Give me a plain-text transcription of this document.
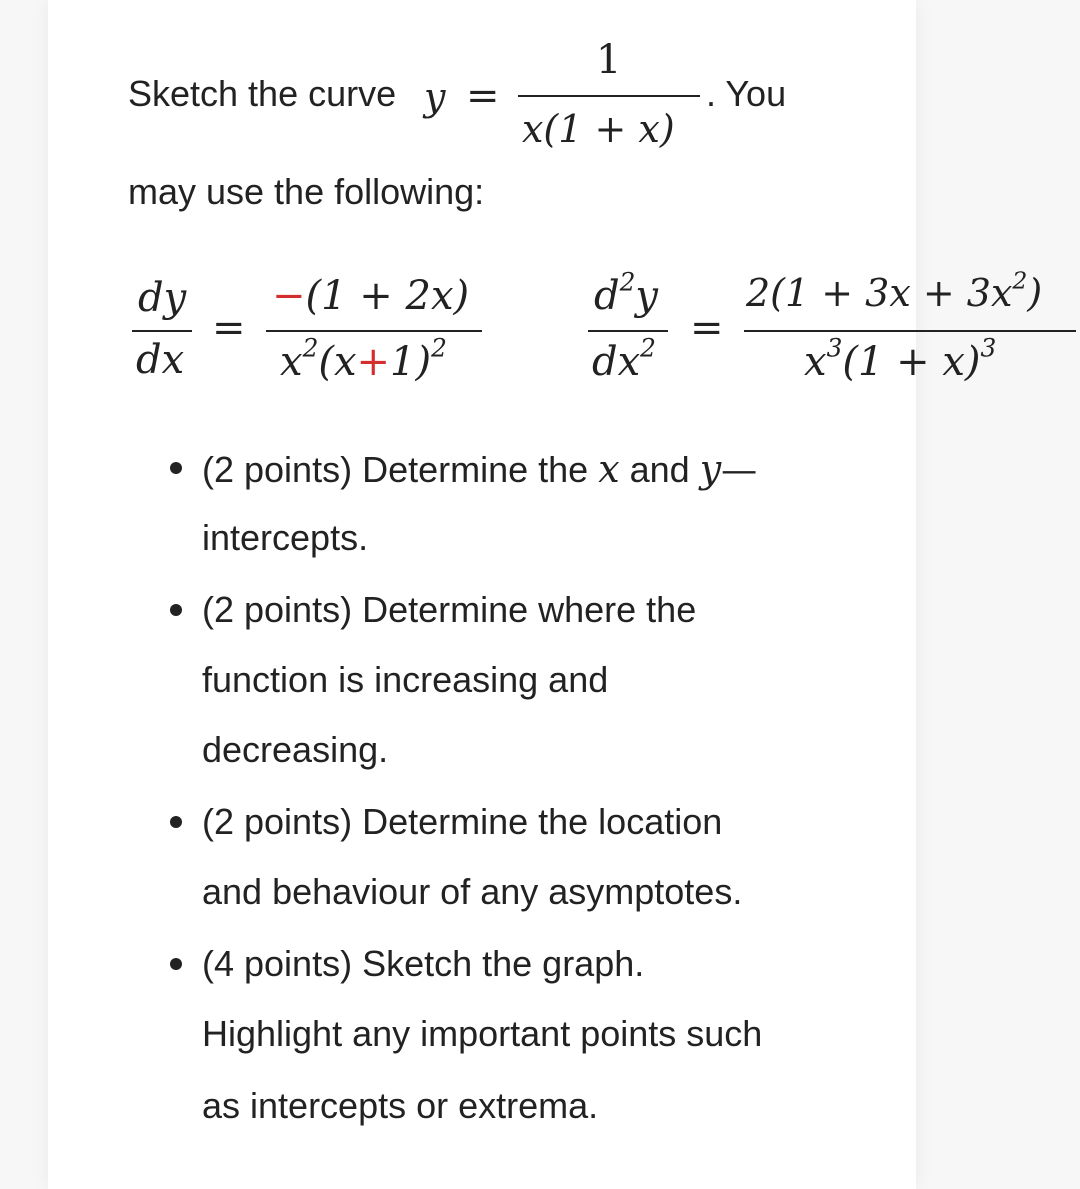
Sketch the curve y =
1
x(1 + x)
. You
may use the following:
dy
dx
=
−(1 + 2x)
$x^2(x+1)^2$
$d^2y$
$dx^2$ =
$2(1 + 3x + 3x^2)$
$x^3(1 + x)^3$
(2 points) Determine the x and y—
intercepts.
(2 points) Determine where the
function is increasing and
decreasing.
(2 points) Determine the location
and behaviour of any asymptotes.
(4 points) Sketch the graph.
Highlight any important points such
as intercepts or extrema.
